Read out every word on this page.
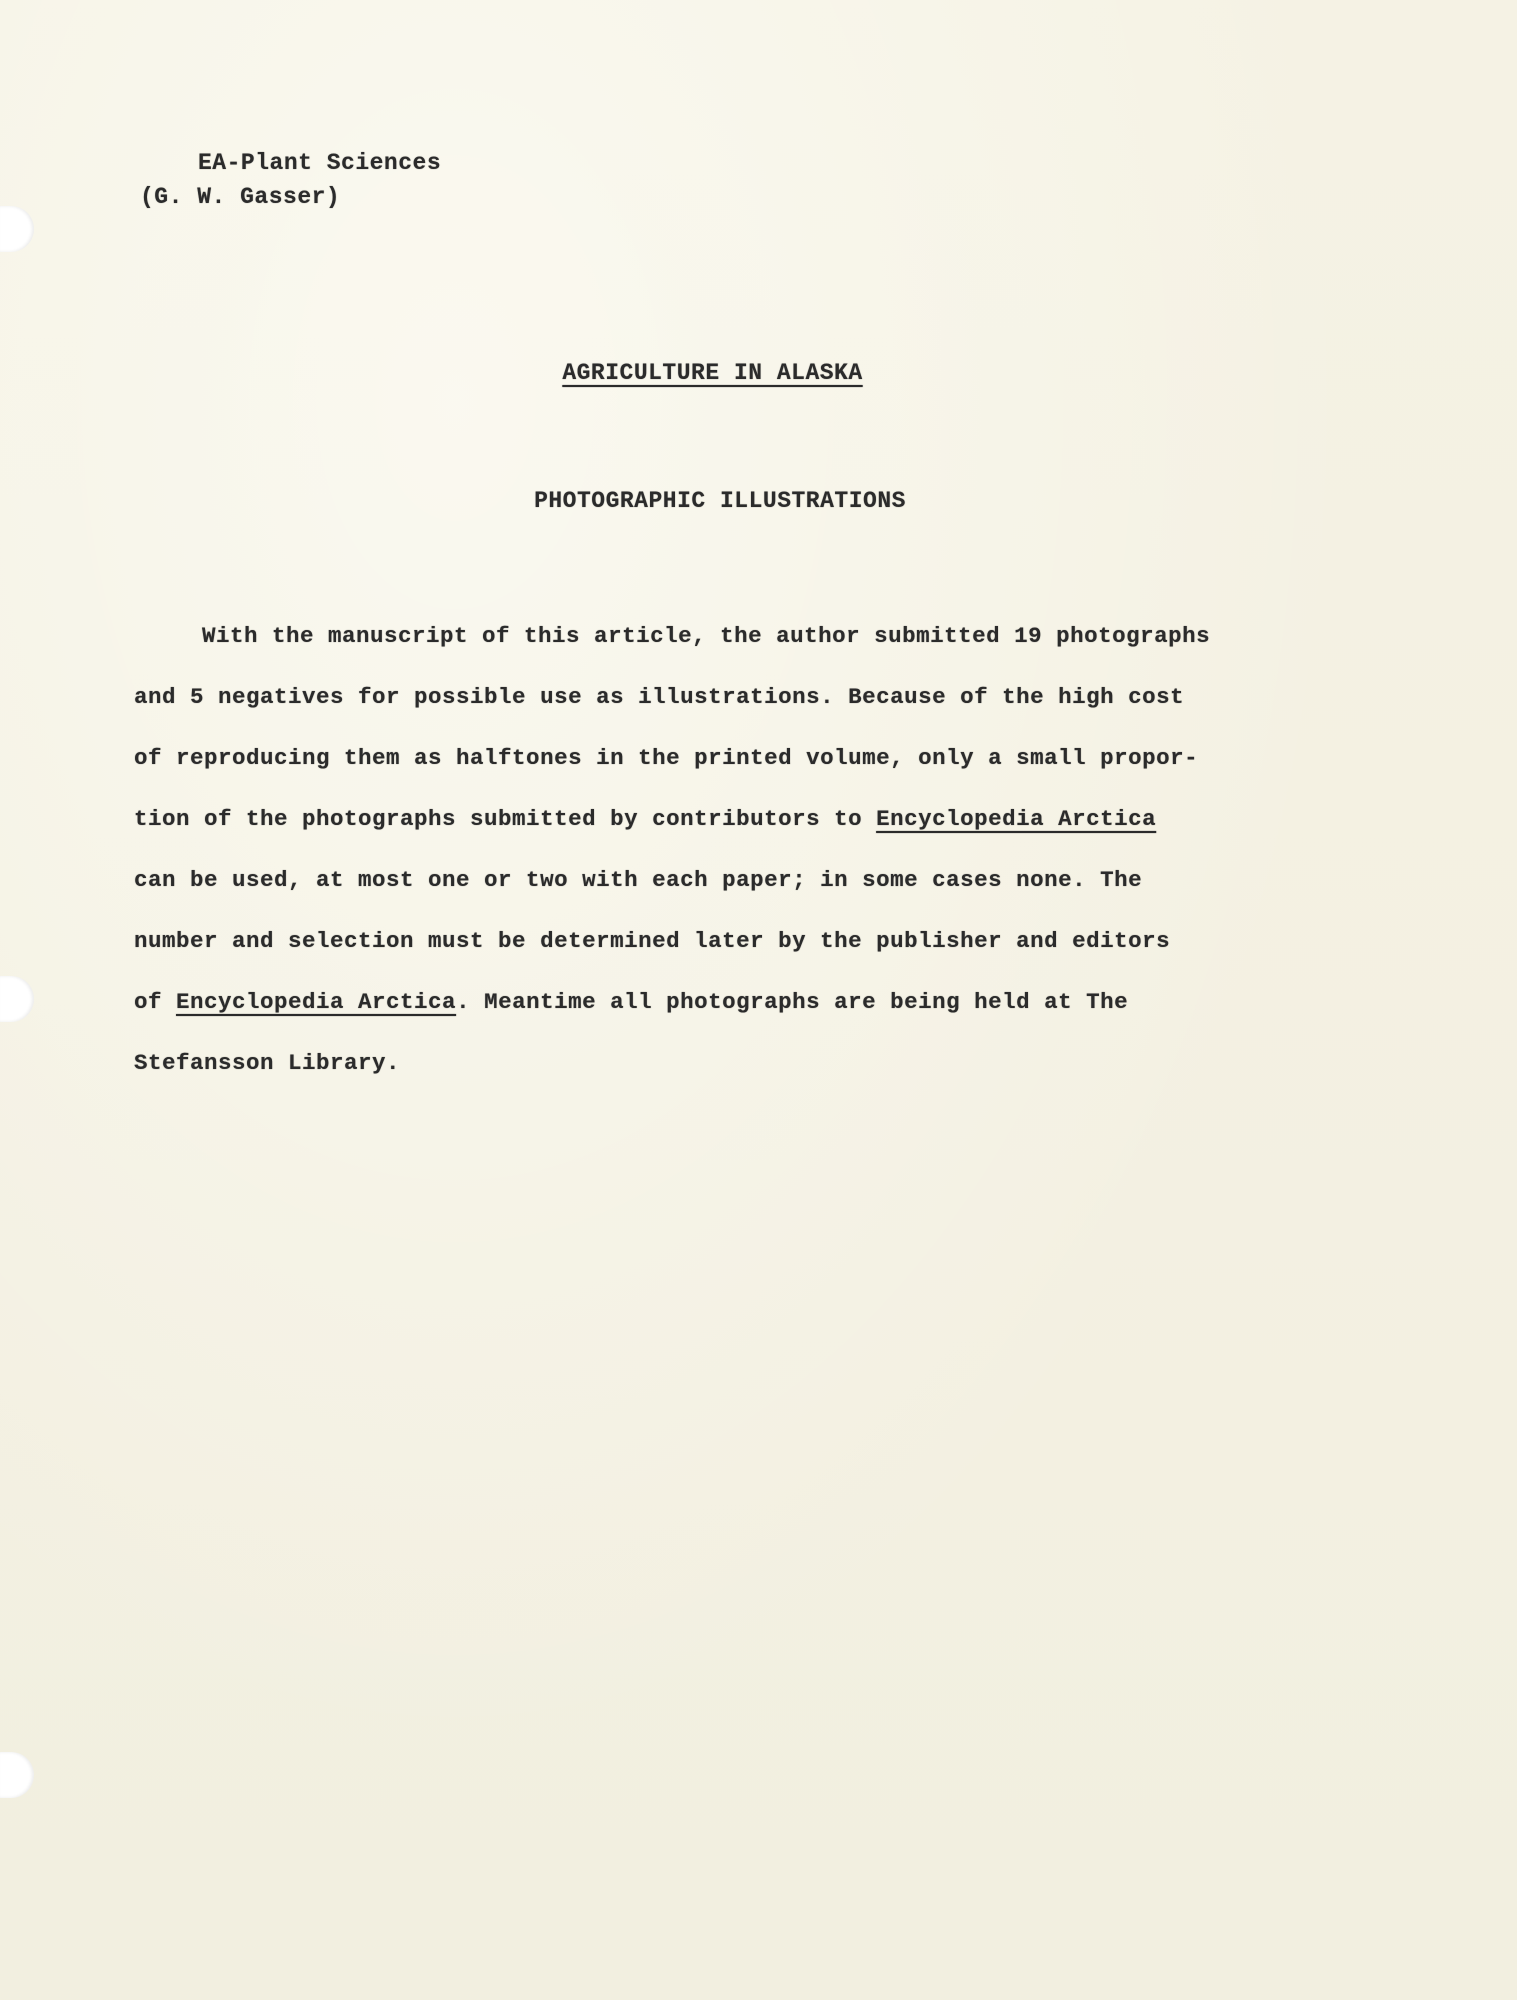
EA-Plant Sciences
(G. W. Gasser)
AGRICULTURE IN ALASKA
PHOTOGRAPHIC ILLUSTRATIONS
With the manuscript of this article, the author submitted 19 photographs
and 5 negatives for possible use as illustrations. Because of the high cost
of reproducing them as halftones in the printed volume, only a small propor-
tion of the photographs submitted by contributors to Encyclopedia Arctica
can be used, at most one or two with each paper; in some cases none. The
number and selection must be determined later by the publisher and editors
of Encyclopedia Arctica. Meantime all photographs are being held at The
Stefansson Library.
